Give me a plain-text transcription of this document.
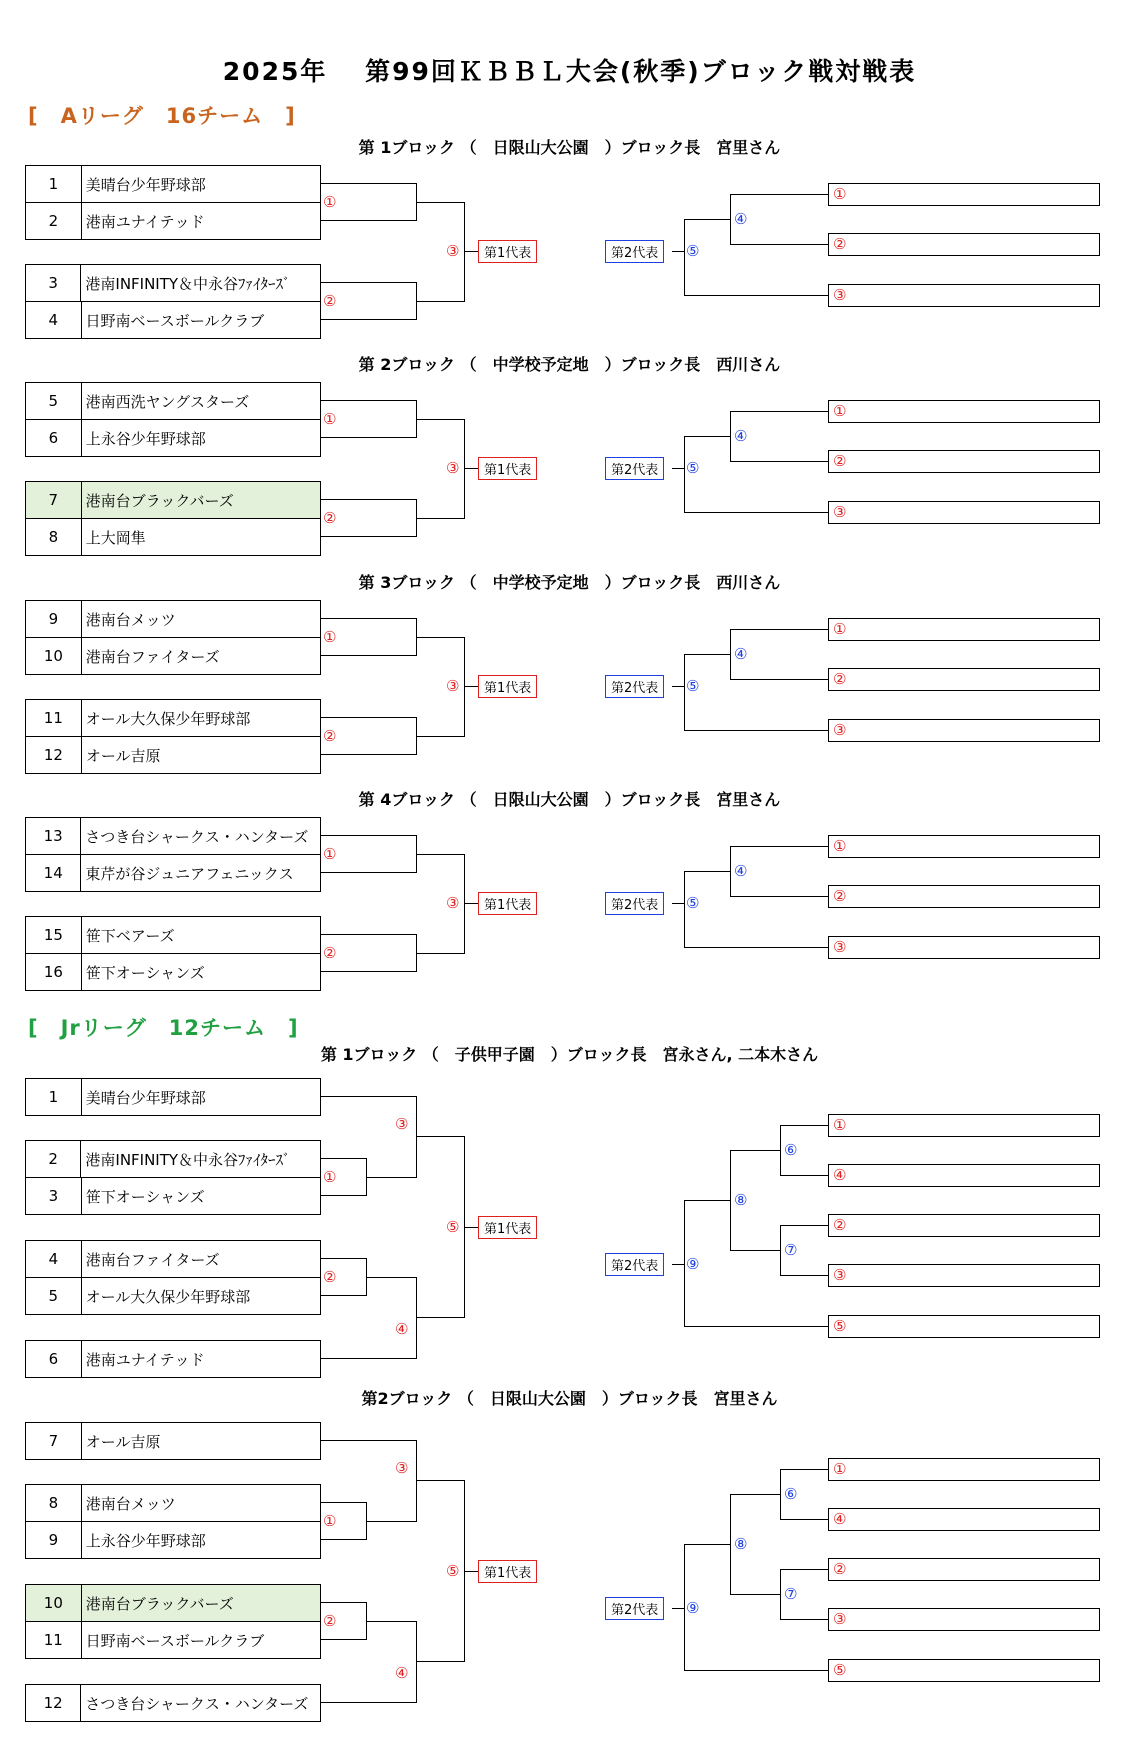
2025年　 第99回ＫＢＢＬ大会(秋季)ブロック戦対戦表
[　Aリーグ　16チーム　]
[　Jrリーグ　12チーム　]
第 1ブロック （　日限山大公園　）ブロック長　宮里さん
1	美晴台少年野球部
2	港南ユナイテッド
3	港南INFINITY＆中永谷ﾌｧｲﾀｰｽﾞ
4	日野南ベースボールクラブ
①
②
③	第1代表	第2代表	⑤
④
①
②
③
第 2ブロック （　中学校予定地　）ブロック長　西川さん
5	港南西洗ヤングスターズ
6	上永谷少年野球部
7	港南台ブラックバーズ
8	上大岡隼
①
②
③	第1代表	第2代表	⑤
④
①
②
③
第 3ブロック （　中学校予定地　）ブロック長　西川さん
9	港南台メッツ
10	港南台ファイターズ
11	オール大久保少年野球部
12	オール吉原
①
②
③	第1代表	第2代表	⑤
④
①
②
③
第 4ブロック （　日限山大公園　）ブロック長　宮里さん
13	さつき台シャークス・ハンターズ
14	東芹が谷ジュニアフェニックス
15	笹下ベアーズ
16	笹下オーシャンズ
①
②
③	第1代表	第2代表	⑤
④
①
②
③
第 1ブロック （　子供甲子園　）ブロック長　宮永さん, 二本木さん
1	美晴台少年野球部
2	港南INFINITY＆中永谷ﾌｧｲﾀｰｽﾞ
3	笹下オーシャンズ
4	港南台ファイターズ
5	オール大久保少年野球部
6	港南ユナイテッド
①
②
③
④
⑤	第1代表
①
④
②
③
⑤
第2代表	⑨
⑧
⑥
⑦
第2ブロック （　日限山大公園　）ブロック長　宮里さん
7	オール吉原
8	港南台メッツ
9	上永谷少年野球部
10	港南台ブラックバーズ
11	日野南ベースボールクラブ
12	さつき台シャークス・ハンターズ
①
②
③
④
⑤	第1代表
①
④
②
③
⑤
第2代表	⑨
⑧
⑥
⑦
